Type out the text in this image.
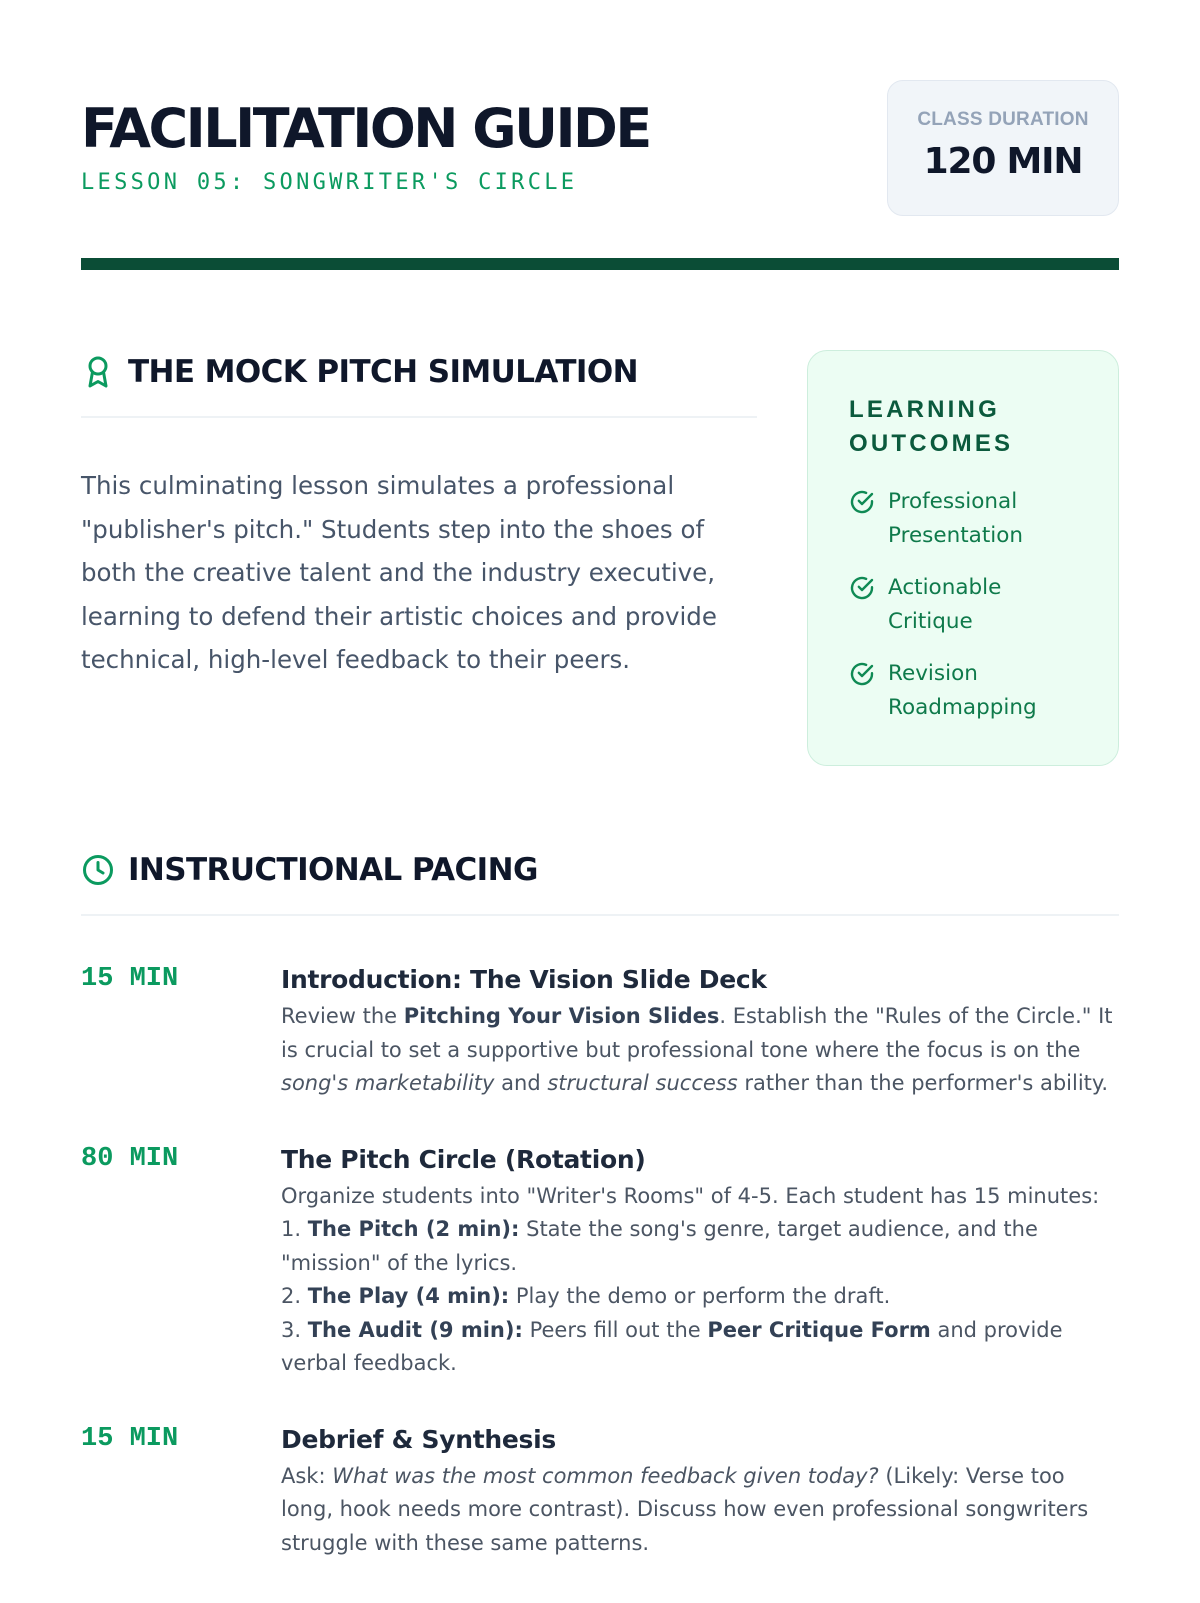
FACILITATION GUIDE
LESSON 05: SONGWRITER'S CIRCLE
CLASS DURATION
120 MIN
THE MOCK PITCH SIMULATION

This culminating lesson simulates a professional "publisher's pitch." Students step into the shoes of both the creative talent and the industry executive, learning to defend their artistic choices and provide technical, high-level feedback to their peers.

LEARNING OUTCOMES
Professional Presentation
Actionable Critique
Revision Roadmapping
INSTRUCTIONAL PACING
15 MIN	Introduction: The Vision Slide Deck
Review the Pitching Your Vision Slides. Establish the "Rules of the Circle." It is crucial to set a supportive but professional tone where the focus is on the song's marketability and structural success rather than the performer's ability.
80 MIN	The Pitch Circle (Rotation)
Organize students into "Writer's Rooms" of 4-5. Each student has 15 minutes:
1. The Pitch (2 min): State the song's genre, target audience, and the "mission" of the lyrics.
2. The Play (4 min): Play the demo or perform the draft.
3. The Audit (9 min): Peers fill out the Peer Critique Form and provide verbal feedback.
15 MIN	Debrief & Synthesis
Ask: What was the most common feedback given today? (Likely: Verse too long, hook needs more contrast). Discuss how even professional songwriters struggle with these same patterns.
